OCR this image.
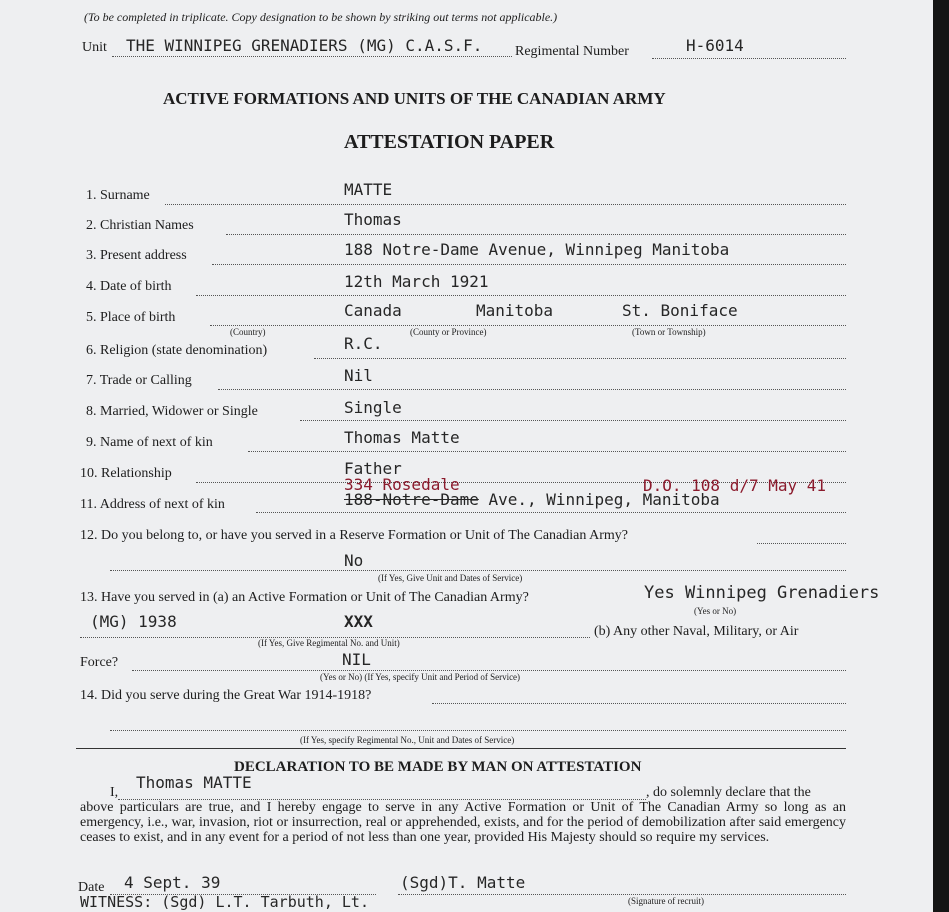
(To be completed in triplicate. Copy designation to be shown by striking out terms not applicable.)
Unit THE WINNIPEG GRENADIERS (MG) C.A.S.F. Regimental Number	H-6014
ACTIVE FORMATIONS AND UNITS OF THE CANADIAN ARMY
ATTESTATION PAPER
1. Surname	MATTE
2. Christian Names	Thomas
3. Present address	188 Notre-Dame Avenue, Winnipeg Manitoba
4. Date of birth	12th March 1921
5. Place of birth	Canada	Manitoba	St. Boniface
(Country)	(County or Province)	(Town or Township)
6. Religion (state denomination)	R.C.
7. Trade or Calling	Nil
8. Married, Widower or Single	Single
9. Name of next of kin	Thomas Matte
10. Relationship	Father
334 Rosedale	D.O. 108 d/7 May 41
11. Address of next of kin	188-Notre-Dame Ave., Winnipeg, Manitoba
12. Do you belong to, or have you served in a Reserve Formation or Unit of The Canadian Army?
No
(If Yes, Give Unit and Dates of Service)
13. Have you served in (a) an Active Formation or Unit of The Canadian Army?	Yes Winnipeg Grenadiers
(Yes or No)
(MG) 1938	XXX
(b) Any other Naval, Military, or Air
(If Yes, Give Regimental No. and Unit)
Force?	NIL
(Yes or No) (If Yes, specify Unit and Period of Service)
14. Did you serve during the Great War 1914-1918?
(If Yes, specify Regimental No., Unit and Dates of Service)
DECLARATION TO BE MADE BY MAN ON ATTESTATION
I,
Thomas MATTE
, do solemnly declare that the
above particulars are true, and I hereby engage to serve in any Active Formation or Unit of The Canadian Army so long as an emergency, i.e., war, invasion, riot or insurrection, real or apprehended, exists, and for the period of demobilization after said emergency ceases to exist, and in any event for a period of not less than one year, provided His Majesty should so require my services.
Date 4 Sept. 39	(Sgd)T. Matte
(Signature of recruit)
WITNESS: (Sgd) L.T. Tarbuth, Lt.
